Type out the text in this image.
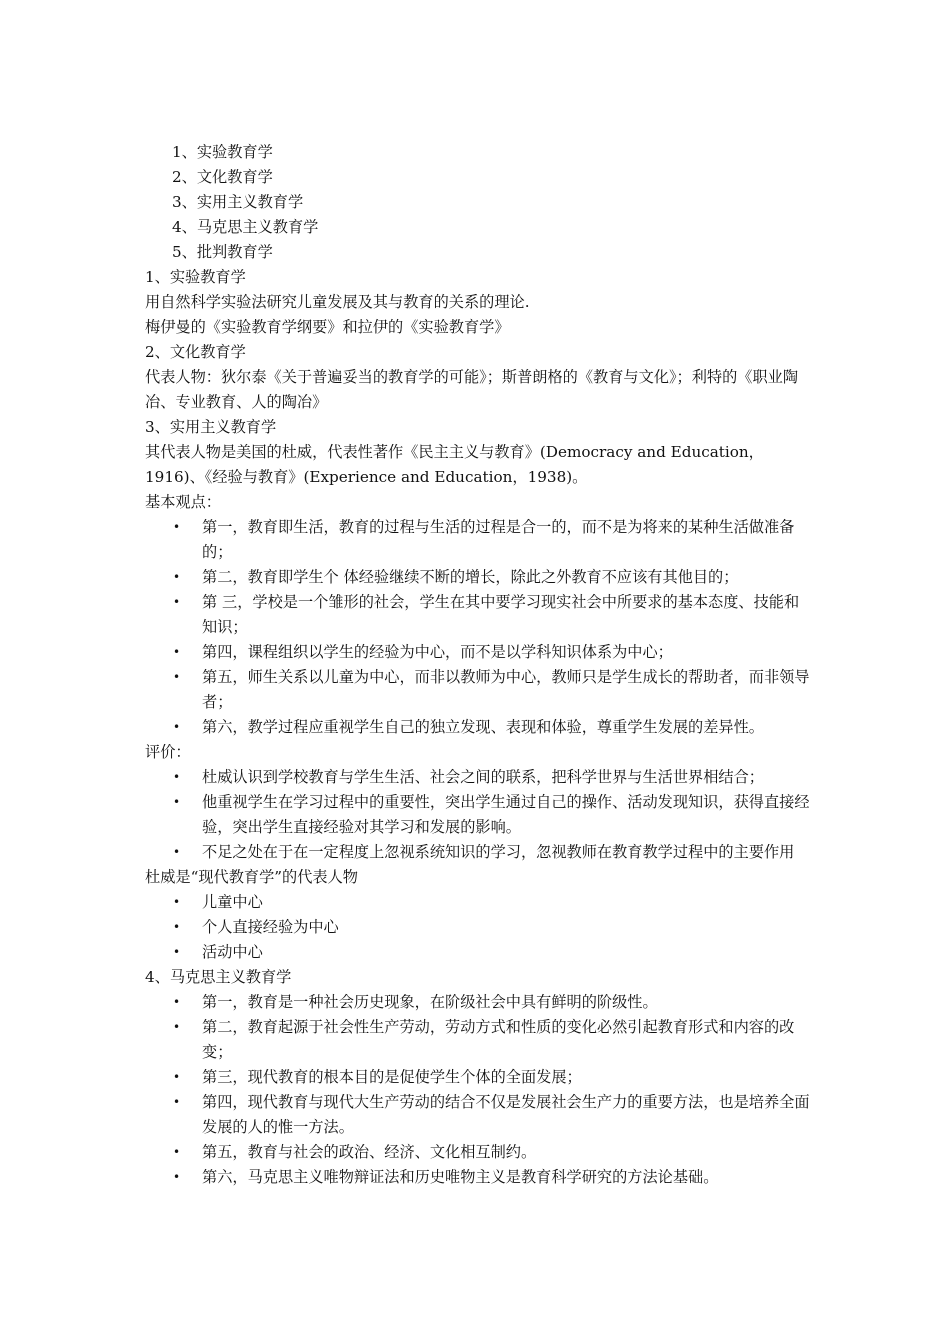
1、实验教育学
2、文化教育学
3、实用主义教育学
4、马克思主义教育学
5、批判教育学

1、实验教育学

用自然科学实验法研究儿童发展及其与教育的关系的理论.

梅伊曼的《实验教育学纲要》和拉伊的《实验教育学》

2、文化教育学

代表人物：狄尔泰《关于普遍妥当的教育学的可能》；斯普朗格的《教育与文化》；利特的《职业陶冶、专业教育、人的陶冶》

3、实用主义教育学

其代表人物是美国的杜威，代表性著作《民主主义与教育》(Democracy and Education，1916)、《经验与教育》(Experience and Education，1938)。

基本观点：

• 第一，教育即生活，教育的过程与生活的过程是合一的，而不是为将来的某种生活做准备的；
• 第二，教育即学生个 体经验继续不断的增长，除此之外教育不应该有其他目的；
• 第 三，学校是一个雏形的社会，学生在其中要学习现实社会中所要求的基本态度、技能和知识；
• 第四，课程组织以学生的经验为中心，而不是以学科知识体系为中心；
• 第五，师生关系以儿童为中心，而非以教师为中心，教师只是学生成长的帮助者，而非领导者；
• 第六，教学过程应重视学生自己的独立发现、表现和体验，尊重学生发展的差异性。

评价：

• 杜威认识到学校教育与学生生活、社会之间的联系，把科学世界与生活世界相结合；
• 他重视学生在学习过程中的重要性，突出学生通过自己的操作、活动发现知识，获得直接经验，突出学生直接经验对其学习和发展的影响。
• 不足之处在于在一定程度上忽视系统知识的学习，忽视教师在教育教学过程中的主要作用

杜威是“现代教育学”的代表人物

• 儿童中心
• 个人直接经验为中心
• 活动中心

4、马克思主义教育学

• 第一，教育是一种社会历史现象，在阶级社会中具有鲜明的阶级性。
• 第二，教育起源于社会性生产劳动，劳动方式和性质的变化必然引起教育形式和内容的改变；
• 第三，现代教育的根本目的是促使学生个体的全面发展；
• 第四，现代教育与现代大生产劳动的结合不仅是发展社会生产力的重要方法，也是培养全面发展的人的惟一方法。
• 第五，教育与社会的政治、经济、文化相互制约。
• 第六，马克思主义唯物辩证法和历史唯物主义是教育科学研究的方法论基础。
